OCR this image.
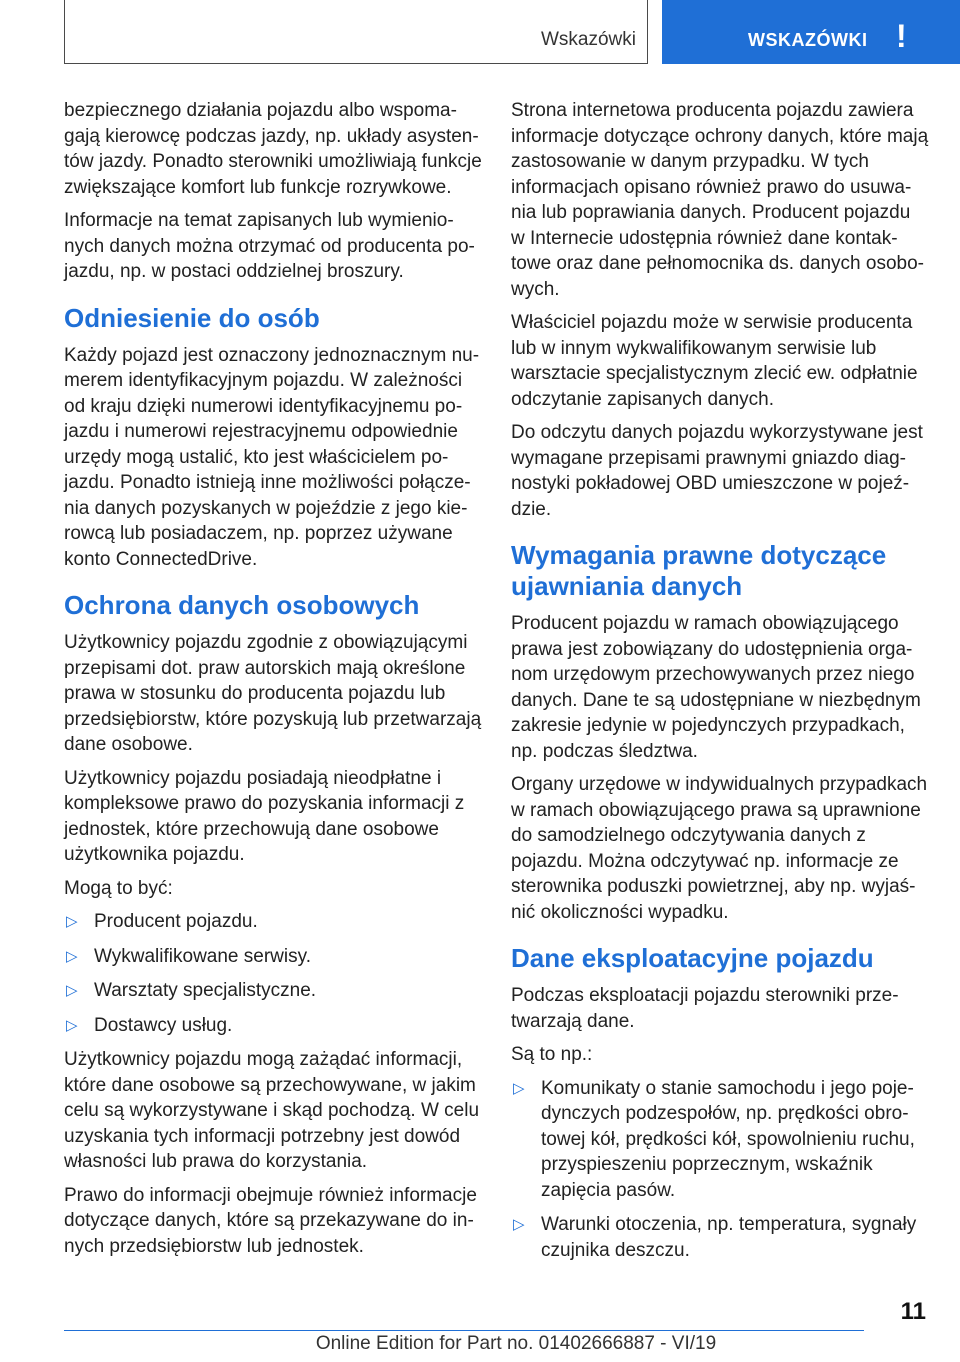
Wskazówki	WSKAZÓWKI !

bezpiecznego działania pojazdu albo wspomagają kierowcę podczas jazdy, np. układy asystentów jazdy. Ponadto sterowniki umożliwiają funkcje zwiększające komfort lub funkcje rozrywkowe.

Informacje na temat zapisanych lub wymienionych danych można otrzymać od producenta pojazdu, np. w postaci oddzielnej broszury.

Odniesienie do osób

Każdy pojazd jest oznaczony jednoznacznym numerem identyfikacyjnym pojazdu. W zależności od kraju dzięki numerowi identyfikacyjnemu pojazdu i numerowi rejestracyjnemu odpowiednie urzędy mogą ustalić, kto jest właścicielem pojazdu. Ponadto istnieją inne możliwości połączenia danych pozyskanych w pojeździe z jego kierowcą lub posiadaczem, np. poprzez używane konto ConnectedDrive.

Ochrona danych osobowych

Użytkownicy pojazdu zgodnie z obowiązującymi przepisami dot. praw autorskich mają określone prawa w stosunku do producenta pojazdu lub przedsiębiorstw, które pozyskują lub przetwarzają dane osobowe.

Użytkownicy pojazdu posiadają nieodpłatne i kompleksowe prawo do pozyskania informacji z jednostek, które przechowują dane osobowe użytkownika pojazdu.

Mogą to być:

▷ Producent pojazdu.
▷ Wykwalifikowane serwisy.
▷ Warsztaty specjalistyczne.
▷ Dostawcy usług.

Użytkownicy pojazdu mogą zażądać informacji, które dane osobowe są przechowywane, w jakim celu są wykorzystywane i skąd pochodzą. W celu uzyskania tych informacji potrzebny jest dowód własności lub prawa do korzystania.

Prawo do informacji obejmuje również informacje dotyczące danych, które są przekazywane do innych przedsiębiorstw lub jednostek.

Strona internetowa producenta pojazdu zawiera informacje dotyczące ochrony danych, które mają zastosowanie w danym przypadku. W tych informacjach opisano również prawo do usuwania lub poprawiania danych. Producent pojazdu w Internecie udostępnia również dane kontaktowe oraz dane pełnomocnika ds. danych osobowych.

Właściciel pojazdu może w serwisie producenta lub w innym wykwalifikowanym serwisie lub warsztacie specjalistycznym zlecić ew. odpłatnie odczytanie zapisanych danych.

Do odczytu danych pojazdu wykorzystywane jest wymagane przepisami prawnymi gniazdo diagnostyki pokładowej OBD umieszczone w pojeździe.

Wymagania prawne dotyczące ujawniania danych

Producent pojazdu w ramach obowiązującego prawa jest zobowiązany do udostępnienia organom urzędowym przechowywanych przez niego danych. Dane te są udostępniane w niezbędnym zakresie jedynie w pojedynczych przypadkach, np. podczas śledztwa.

Organy urzędowe w indywidualnych przypadkach w ramach obowiązującego prawa są uprawnione do samodzielnego odczytywania danych z pojazdu. Można odczytywać np. informacje ze sterownika poduszki powietrznej, aby np. wyjaśnić okoliczności wypadku.

Dane eksploatacyjne pojazdu

Podczas eksploatacji pojazdu sterowniki przetwarzają dane.

Są to np.:

▷ Komunikaty o stanie samochodu i jego pojedynczych podzespołów, np. prędkości obrotowej kół, prędkości kół, spowolnieniu ruchu, przyspieszeniu poprzecznym, wskaźnik zapięcia pasów.
▷ Warunki otoczenia, np. temperatura, sygnały czujnika deszczu.
11
Online Edition for Part no. 01402666887 - VI/19
